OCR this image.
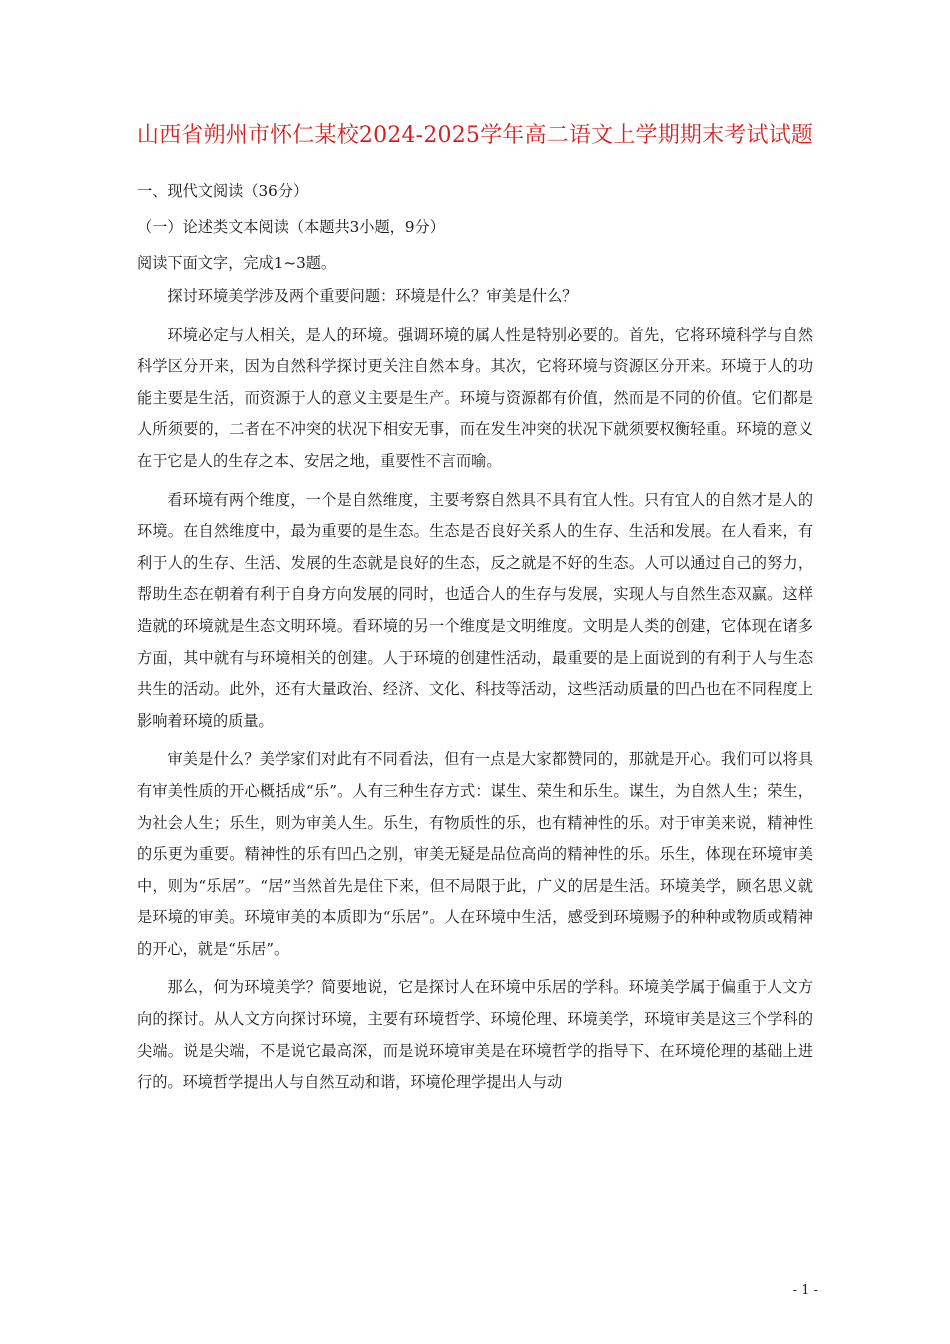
山西省朔州市怀仁某校2024-2025学年高二语文上学期期末考试试题
一、现代文阅读（36分）
（一）论述类文本阅读（本题共3小题，9分）
阅读下面文字，完成1~3题。

探讨环境美学涉及两个重要问题：环境是什么？审美是什么？

环境必定与人相关，是人的环境。强调环境的属人性是特别必要的。首先，它将环境科学与自然科学区分开来，因为自然科学探讨更关注自然本身。其次，它将环境与资源区分开来。环境于人的功能主要是生活，而资源于人的意义主要是生产。环境与资源都有价值，然而是不同的价值。它们都是人所须要的，二者在不冲突的状况下相安无事，而在发生冲突的状况下就须要权衡轻重。环境的意义在于它是人的生存之本、安居之地，重要性不言而喻。

看环境有两个维度，一个是自然维度，主要考察自然具不具有宜人性。只有宜人的自然才是人的环境。在自然维度中，最为重要的是生态。生态是否良好关系人的生存、生活和发展。在人看来，有利于人的生存、生活、发展的生态就是良好的生态，反之就是不好的生态。人可以通过自己的努力，帮助生态在朝着有利于自身方向发展的同时，也适合人的生存与发展，实现人与自然生态双赢。这样造就的环境就是生态文明环境。看环境的另一个维度是文明维度。文明是人类的创建，它体现在诸多方面，其中就有与环境相关的创建。人于环境的创建性活动，最重要的是上面说到的有利于人与生态共生的活动。此外，还有大量政治、经济、文化、科技等活动，这些活动质量的凹凸也在不同程度上影响着环境的质量。

审美是什么？美学家们对此有不同看法，但有一点是大家都赞同的，那就是开心。我们可以将具有审美性质的开心概括成“乐”。人有三种生存方式：谋生、荣生和乐生。谋生，为自然人生；荣生，为社会人生；乐生，则为审美人生。乐生，有物质性的乐，也有精神性的乐。对于审美来说，精神性的乐更为重要。精神性的乐有凹凸之别，审美无疑是品位高尚的精神性的乐。乐生，体现在环境审美中，则为“乐居”。“居”当然首先是住下来，但不局限于此，广义的居是生活。环境美学，顾名思义就是环境的审美。环境审美的本质即为“乐居”。人在环境中生活，感受到环境赐予的种种或物质或精神的开心，就是“乐居”。

那么，何为环境美学？简要地说，它是探讨人在环境中乐居的学科。环境美学属于偏重于人文方向的探讨。从人文方向探讨环境，主要有环境哲学、环境伦理、环境美学，环境审美是这三个学科的尖端。说是尖端，不是说它最高深，而是说环境审美是在环境哲学的指导下、在环境伦理的基础上进行的。环境哲学提出人与自然互动和谐，环境伦理学提出人与动

- 1 -
